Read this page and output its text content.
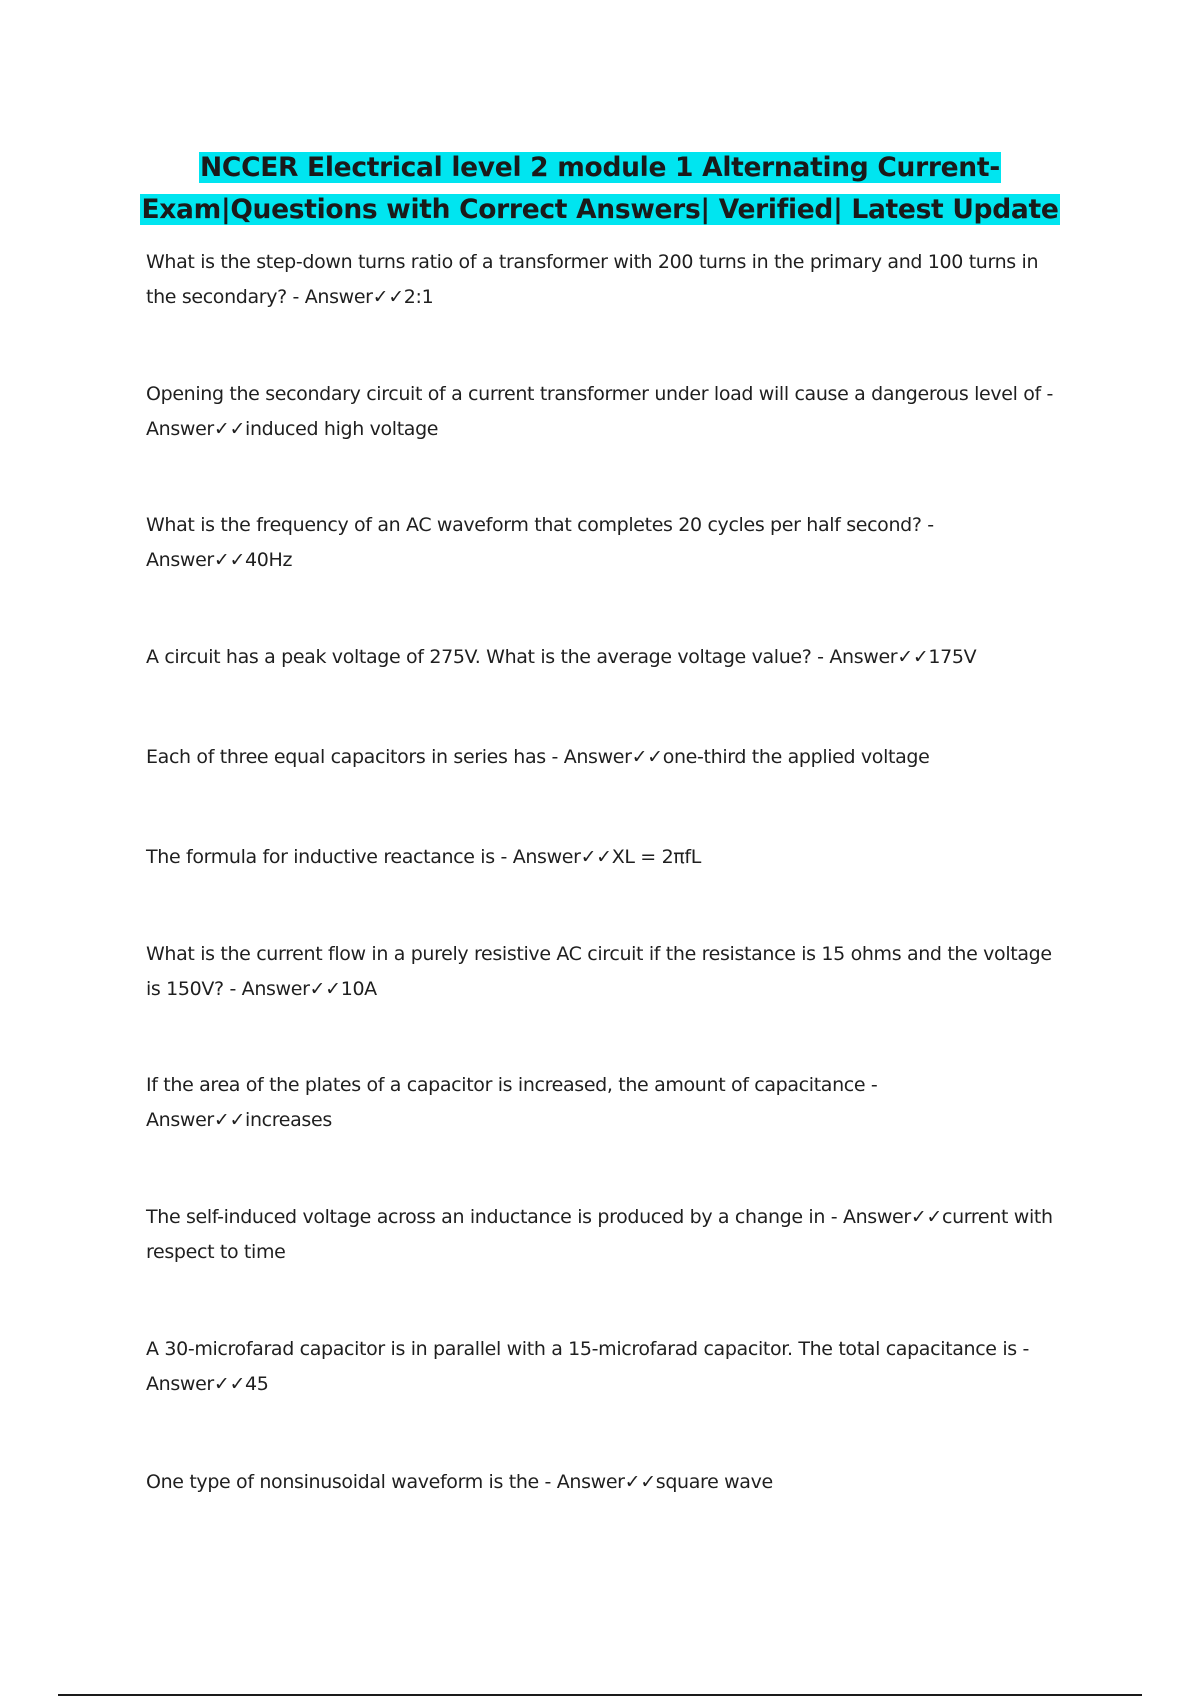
NCCER Electrical level 2 module 1 Alternating Current-
Exam|Questions with Correct Answers| Verified| Latest Update
What is the step-down turns ratio of a transformer with 200 turns in the primary and 100 turns in the secondary? - Answer✓✓2:1
Opening the secondary circuit of a current transformer under load will cause a dangerous level of - Answer✓✓induced high voltage
What is the frequency of an AC waveform that completes 20 cycles per half second? - Answer✓✓40Hz
A circuit has a peak voltage of 275V. What is the average voltage value? - Answer✓✓175V
Each of three equal capacitors in series has - Answer✓✓one-third the applied voltage
The formula for inductive reactance is - Answer✓✓XL = 2πfL
What is the current flow in a purely resistive AC circuit if the resistance is 15 ohms and the voltage is 150V? - Answer✓✓10A
If the area of the plates of a capacitor is increased, the amount of capacitance - Answer✓✓increases
The self-induced voltage across an inductance is produced by a change in - Answer✓✓current with respect to time
A 30-microfarad capacitor is in parallel with a 15-microfarad capacitor. The total capacitance is - Answer✓✓45
One type of nonsinusoidal waveform is the - Answer✓✓square wave
